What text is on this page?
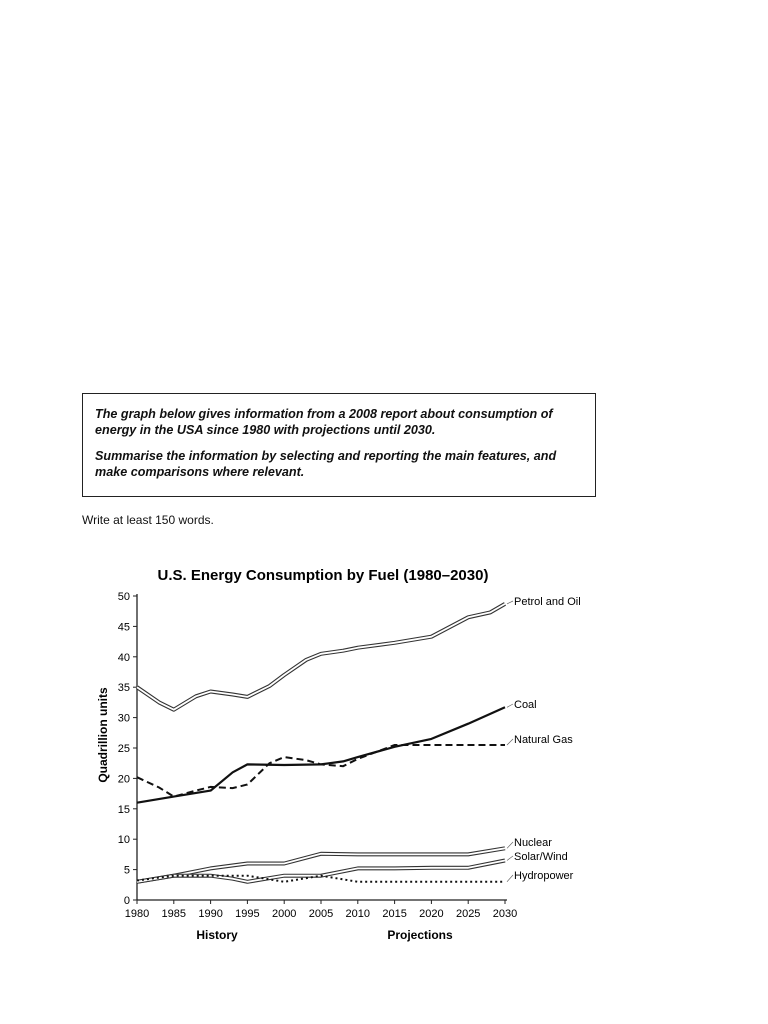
The graph below gives information from a 2008 report about consumption of energy in the USA since 1980 with projections until 2030.

Summarise the information by selecting and reporting the main features, and make comparisons where relevant.

Write at least 150 words.
U.S. Energy Consumption by Fuel (1980–2030)
Quadrillion units
0
5
10
15
20
25
30
35
40
45
50
1980 1985 1990 1995 2000 2005 2010 2015 2020 2025 2030
Petrol and Oil
Coal
Natural Gas
Nuclear
Solar/Wind
Hydropower
History	Projections
